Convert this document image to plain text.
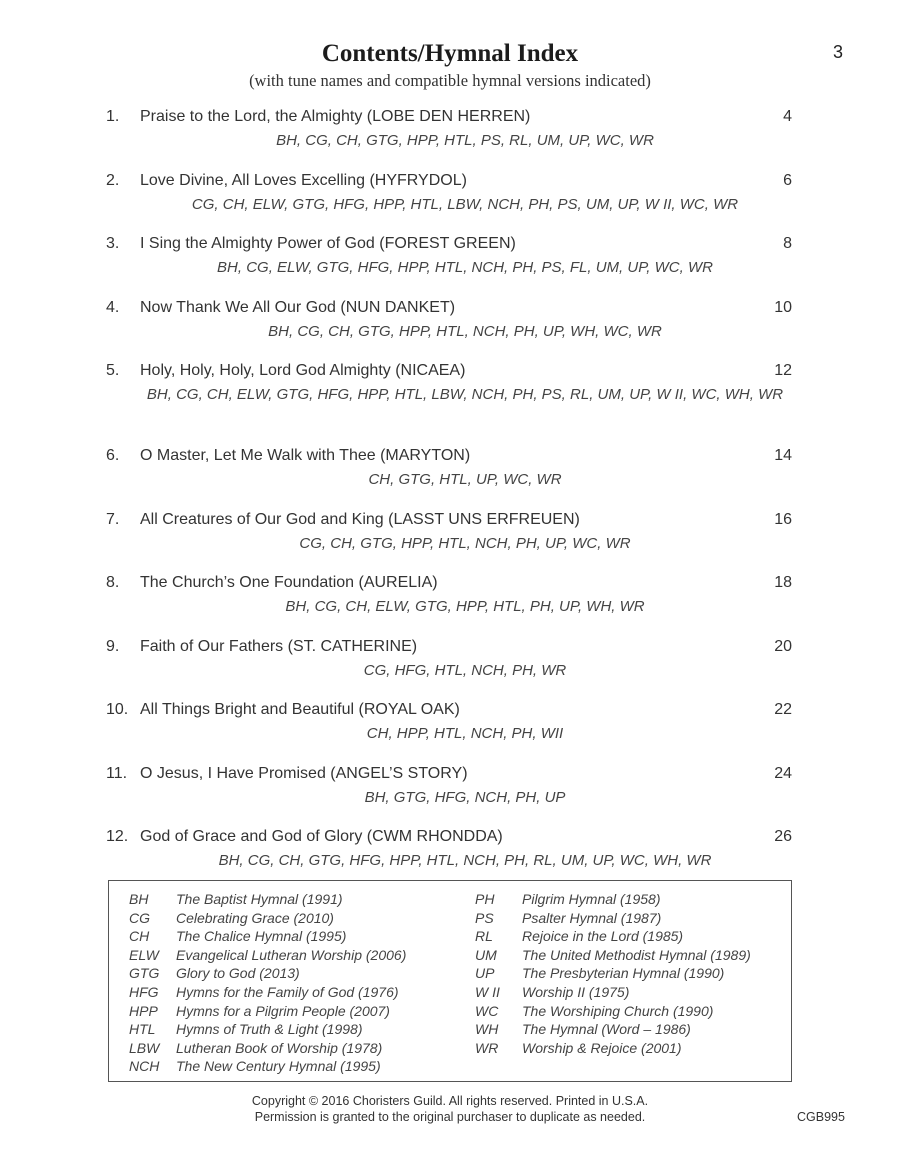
3
Contents/Hymnal Index
(with tune names and compatible hymnal versions indicated)
1. Praise to the Lord, the Almighty (LOBE DEN HERREN)	4
BH, CG, CH, GTG, HPP, HTL, PS, RL, UM, UP, WC, WR
2. Love Divine, All Loves Excelling (HYFRYDOL)	6
CG, CH, ELW, GTG, HFG, HPP, HTL, LBW, NCH, PH, PS, UM, UP, W II, WC, WR
3. I Sing the Almighty Power of God (FOREST GREEN)	8
BH, CG, ELW, GTG, HFG, HPP, HTL, NCH, PH, PS, FL, UM, UP, WC, WR
4. Now Thank We All Our God (NUN DANKET)	10
BH, CG, CH, GTG, HPP, HTL, NCH, PH, UP, WH, WC, WR
5. Holy, Holy, Holy, Lord God Almighty (NICAEA)	12
BH, CG, CH, ELW, GTG, HFG, HPP, HTL, LBW, NCH, PH, PS, RL, UM, UP, W II, WC, WH, WR
6. O Master, Let Me Walk with Thee (MARYTON)	14
CH, GTG, HTL, UP, WC, WR
7. All Creatures of Our God and King (LASST UNS ERFREUEN)	16
CG, CH, GTG, HPP, HTL, NCH, PH, UP, WC, WR
8. The Church’s One Foundation (AURELIA)	18
BH, CG, CH, ELW, GTG, HPP, HTL, PH, UP, WH, WR
9. Faith of Our Fathers (ST. CATHERINE)	20
CG, HFG, HTL, NCH, PH, WR
10. All Things Bright and Beautiful (ROYAL OAK)	22
CH, HPP, HTL, NCH, PH, WII
11. O Jesus, I Have Promised (ANGEL’S STORY)	24
BH, GTG, HFG, NCH, PH, UP
12. God of Grace and God of Glory (CWM RHONDDA)	26
BH, CG, CH, GTG, HFG, HPP, HTL, NCH, PH, RL, UM, UP, WC, WH, WR
BH The Baptist Hymnal (1991)
CG Celebrating Grace (2010)
CH The Chalice Hymnal (1995)
ELW Evangelical Lutheran Worship (2006)
GTG Glory to God (2013)
HFG Hymns for the Family of God (1976)
HPP Hymns for a Pilgrim People (2007)
HTL Hymns of Truth & Light (1998)
LBW Lutheran Book of Worship (1978)
NCH The New Century Hymnal (1995)
PH Pilgrim Hymnal (1958)
PS Psalter Hymnal (1987)
RL Rejoice in the Lord (1985)
UM The United Methodist Hymnal (1989)
UP The Presbyterian Hymnal (1990)
W II Worship II (1975)
WC The Worshiping Church (1990)
WH The Hymnal (Word – 1986)
WR Worship & Rejoice (2001)
Copyright © 2016 Choristers Guild. All rights reserved. Printed in U.S.A.
Permission is granted to the original purchaser to duplicate as needed.	CGB995
